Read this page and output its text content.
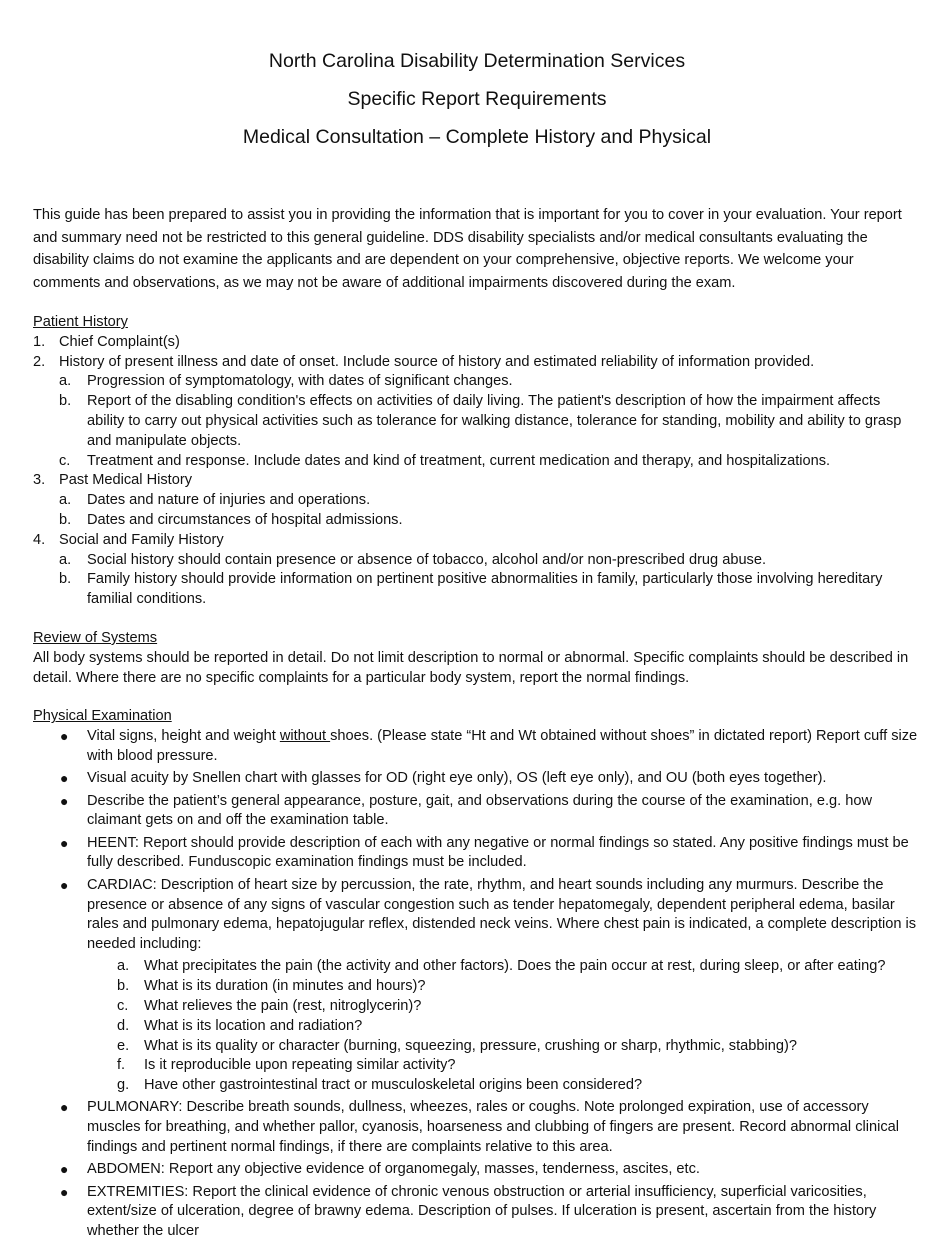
North Carolina Disability Determination Services
Specific Report Requirements
Medical Consultation – Complete History and Physical
This guide has been prepared to assist you in providing the information that is important for you to cover in your evaluation. Your report and summary need not be restricted to this general guideline. DDS disability specialists and/or medical consultants evaluating the disability claims do not examine the applicants and are dependent on your comprehensive, objective reports. We welcome your comments and observations, as we may not be aware of additional impairments discovered during the exam.
Patient History
1. Chief Complaint(s)
2. History of present illness and date of onset. Include source of history and estimated reliability of information provided.
a. Progression of symptomatology, with dates of significant changes.
b. Report of the disabling condition's effects on activities of daily living. The patient's description of how the impairment affects ability to carry out physical activities such as tolerance for walking distance, tolerance for standing, mobility and ability to grasp and manipulate objects.
c. Treatment and response. Include dates and kind of treatment, current medication and therapy, and hospitalizations.
3. Past Medical History
a. Dates and nature of injuries and operations.
b. Dates and circumstances of hospital admissions.
4. Social and Family History
a. Social history should contain presence or absence of tobacco, alcohol and/or non-prescribed drug abuse.
b. Family history should provide information on pertinent positive abnormalities in family, particularly those involving hereditary familial conditions.
Review of Systems
All body systems should be reported in detail. Do not limit description to normal or abnormal. Specific complaints should be described in detail. Where there are no specific complaints for a particular body system, report the normal findings.
Physical Examination
● Vital signs, height and weight without shoes. (Please state “Ht and Wt obtained without shoes” in dictated report) Report cuff size with blood pressure.
● Visual acuity by Snellen chart with glasses for OD (right eye only), OS (left eye only), and OU (both eyes together).
● Describe the patient’s general appearance, posture, gait, and observations during the course of the examination, e.g. how claimant gets on and off the examination table.
● HEENT: Report should provide description of each with any negative or normal findings so stated. Any positive findings must be fully described. Funduscopic examination findings must be included.
● CARDIAC: Description of heart size by percussion, the rate, rhythm, and heart sounds including any murmurs. Describe the presence or absence of any signs of vascular congestion such as tender hepatomegaly, dependent peripheral edema, basilar rales and pulmonary edema, hepatojugular reflex, distended neck veins. Where chest pain is indicated, a complete description is needed including:
a. What precipitates the pain (the activity and other factors). Does the pain occur at rest, during sleep, or after eating?
b. What is its duration (in minutes and hours)?
c. What relieves the pain (rest, nitroglycerin)?
d. What is its location and radiation?
e. What is its quality or character (burning, squeezing, pressure, crushing or sharp, rhythmic, stabbing)?
f. Is it reproducible upon repeating similar activity?
g. Have other gastrointestinal tract or musculoskeletal origins been considered?
● PULMONARY: Describe breath sounds, dullness, wheezes, rales or coughs. Note prolonged expiration, use of accessory muscles for breathing, and whether pallor, cyanosis, hoarseness and clubbing of fingers are present. Record abnormal clinical findings and pertinent normal findings, if there are complaints relative to this area.
● ABDOMEN: Report any objective evidence of organomegaly, masses, tenderness, ascites, etc.
● EXTREMITIES: Report the clinical evidence of chronic venous obstruction or arterial insufficiency, superficial varicosities, extent/size of ulceration, degree of brawny edema. Description of pulses. If ulceration is present, ascertain from the history whether the ulcer
